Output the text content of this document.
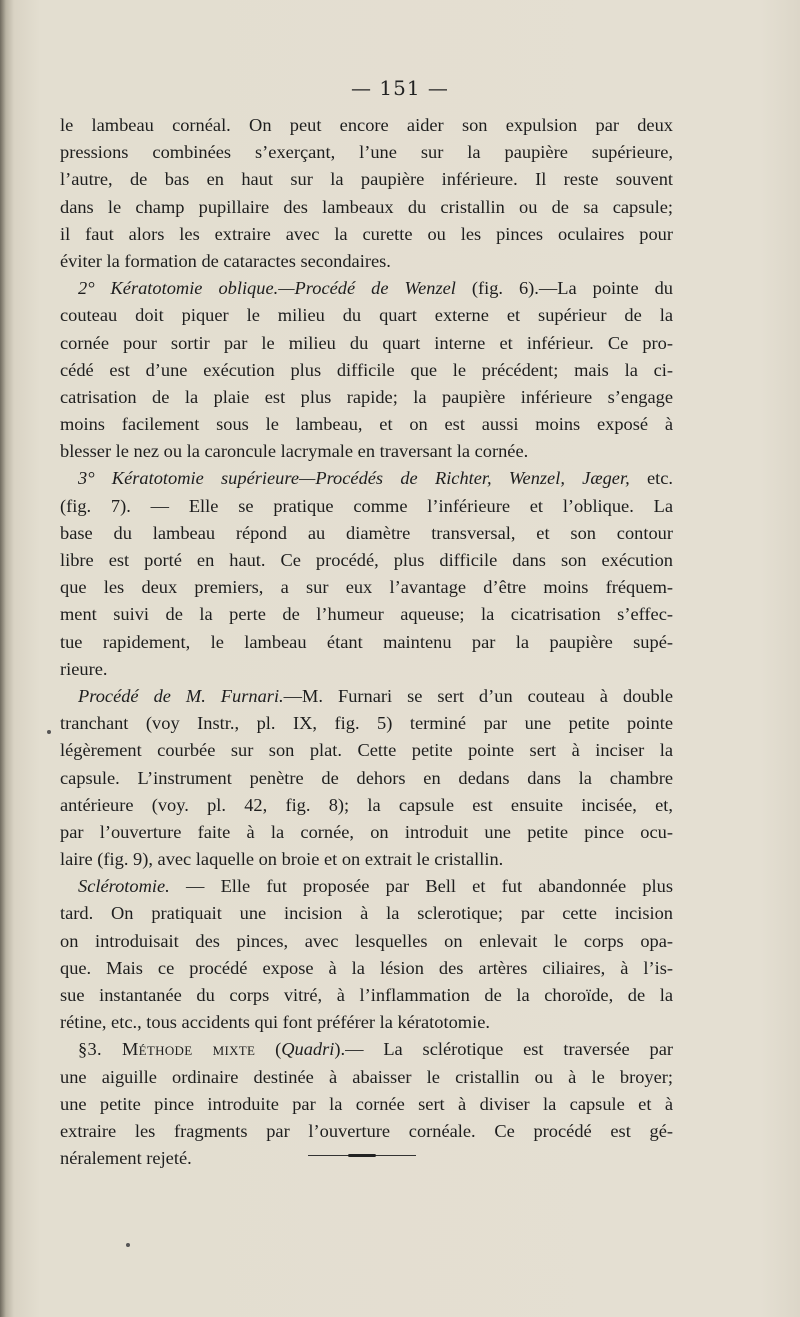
— 151 —
le lambeau cornéal. On peut encore aider son expulsion par deux
pressions combinées s’exerçant, l’une sur la paupière supérieure,
l’autre, de bas en haut sur la paupière inférieure. Il reste souvent
dans le champ pupillaire des lambeaux du cristallin ou de sa capsule;
il faut alors les extraire avec la curette ou les pinces oculaires pour
éviter la formation de cataractes secondaires.
2° Kératotomie oblique.—Procédé de Wenzel (fig. 6).—La pointe du
couteau doit piquer le milieu du quart externe et supérieur de la
cornée pour sortir par le milieu du quart interne et inférieur. Ce pro-
cédé est d’une exécution plus difficile que le précédent; mais la ci-
catrisation de la plaie est plus rapide; la paupière inférieure s’engage
moins facilement sous le lambeau, et on est aussi moins exposé à
blesser le nez ou la caroncule lacrymale en traversant la cornée.
3° Kératotomie supérieure—Procédés de Richter, Wenzel, Jæger, etc.
(fig. 7). — Elle se pratique comme l’inférieure et l’oblique. La
base du lambeau répond au diamètre transversal, et son contour
libre est porté en haut. Ce procédé, plus difficile dans son exécution
que les deux premiers, a sur eux l’avantage d’être moins fréquem-
ment suivi de la perte de l’humeur aqueuse; la cicatrisation s’effec-
tue rapidement, le lambeau étant maintenu par la paupière supé-
rieure.
Procédé de M. Furnari.—M. Furnari se sert d’un couteau à double
tranchant (voy Instr., pl. IX, fig. 5) terminé par une petite pointe
légèrement courbée sur son plat. Cette petite pointe sert à inciser la
capsule. L’instrument penètre de dehors en dedans dans la chambre
antérieure (voy. pl. 42, fig. 8); la capsule est ensuite incisée, et,
par l’ouverture faite à la cornée, on introduit une petite pince ocu-
laire (fig. 9), avec laquelle on broie et on extrait le cristallin.
Sclérotomie. — Elle fut proposée par Bell et fut abandonnée plus
tard. On pratiquait une incision à la sclerotique; par cette incision
on introduisait des pinces, avec lesquelles on enlevait le corps opa-
que. Mais ce procédé expose à la lésion des artères ciliaires, à l’is-
sue instantanée du corps vitré, à l’inflammation de la choroïde, de la
rétine, etc., tous accidents qui font préférer la kératotomie.
§3. Méthode mixte (Quadri).— La sclérotique est traversée par
une aiguille ordinaire destinée à abaisser le cristallin ou à le broyer;
une petite pince introduite par la cornée sert à diviser la capsule et à
extraire les fragments par l’ouverture cornéale. Ce procédé est gé-
néralement rejeté.
